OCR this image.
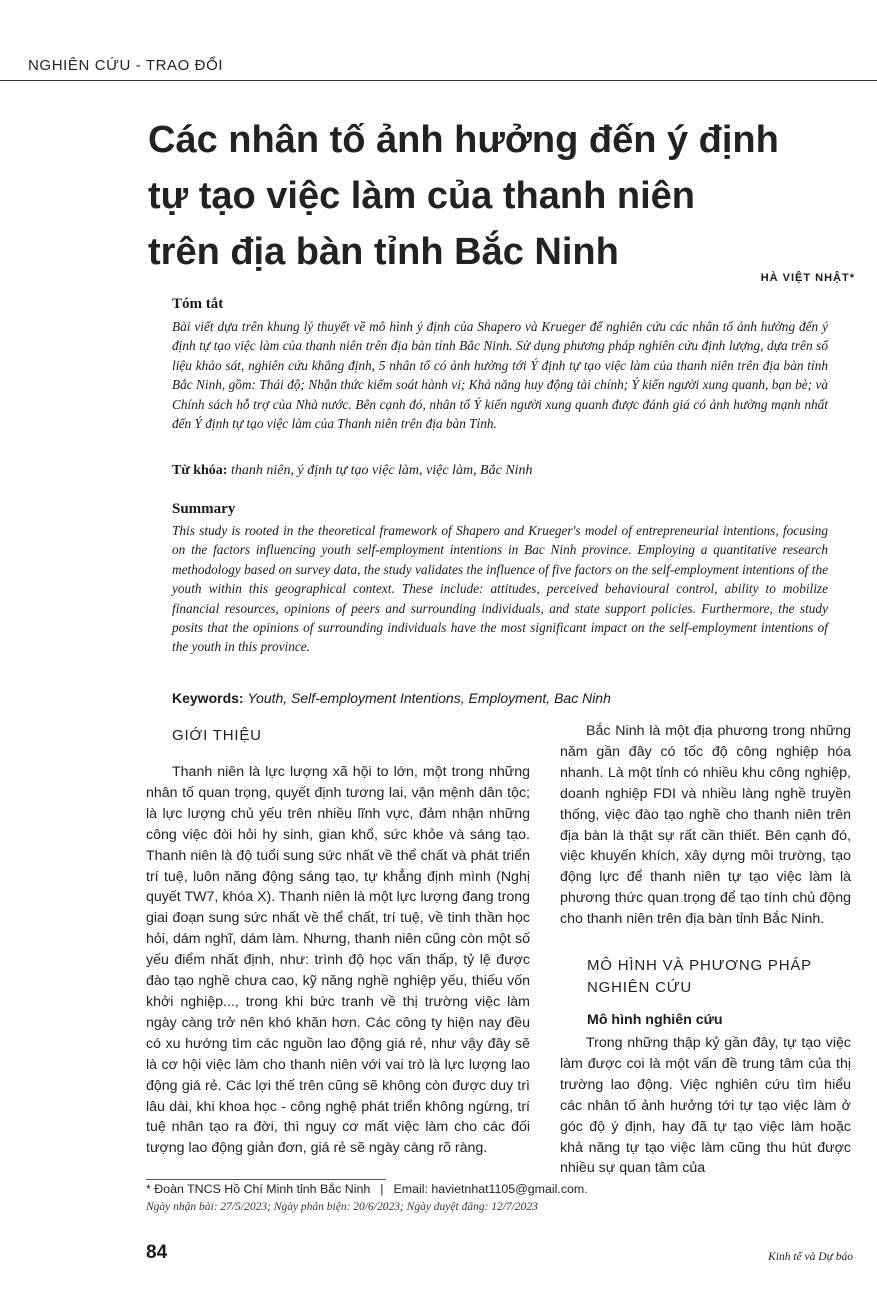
NGHIÊN CỨU - TRAO ĐỔI
Các nhân tố ảnh hưởng đến ý định
tự tạo việc làm của thanh niên
trên địa bàn tỉnh Bắc Ninh
HÀ VIỆT NHẬT*
Tóm tắt

Bài viết dựa trên khung lý thuyết về mô hình ý định của Shapero và Krueger để nghiên cứu các nhân tố ảnh hưởng đến ý định tự tạo việc làm của thanh niên trên địa bàn tỉnh Bắc Ninh. Sử dụng phương pháp nghiên cứu định lượng, dựa trên số liệu khảo sát, nghiên cứu khẳng định, 5 nhân tố có ảnh hưởng tới Ý định tự tạo việc làm của thanh niên trên địa bàn tỉnh Bắc Ninh, gồm: Thái độ; Nhận thức kiểm soát hành vi; Khả năng huy động tài chính; Ý kiến người xung quanh, bạn bè; và Chính sách hỗ trợ của Nhà nước. Bên cạnh đó, nhân tố Ý kiến người xung quanh được đánh giá có ảnh hưởng mạnh nhất đến Ý định tự tạo việc làm của Thanh niên trên địa bàn Tỉnh.

Từ khóa: thanh niên, ý định tự tạo việc làm, việc làm, Bắc Ninh
Summary

This study is rooted in the theoretical framework of Shapero and Krueger's model of entrepreneurial intentions, focusing on the factors influencing youth self-employment intentions in Bac Ninh province. Employing a quantitative research methodology based on survey data, the study validates the influence of five factors on the self-employment intentions of the youth within this geographical context. These include: attitudes, perceived behavioural control, ability to mobilize financial resources, opinions of peers and surrounding individuals, and state support policies. Furthermore, the study posits that the opinions of surrounding individuals have the most significant impact on the self-employment intentions of the youth in this province.

Keywords: Youth, Self-employment Intentions, Employment, Bac Ninh
GIỚI THIỆU

Thanh niên là lực lượng xã hội to lớn, một trong những nhân tố quan trọng, quyết định tương lai, vận mệnh dân tộc; là lực lượng chủ yếu trên nhiều lĩnh vực, đảm nhận những công việc đòi hỏi hy sinh, gian khổ, sức khỏe và sáng tạo. Thanh niên là độ tuổi sung sức nhất về thể chất và phát triển trí tuệ, luôn năng động sáng tạo, tự khẳng định mình (Nghị quyết TW7, khóa X). Thanh niên là một lực lượng đang trong giai đoạn sung sức nhất về thể chất, trí tuệ, về tinh thần học hỏi, dám nghĩ, dám làm. Nhưng, thanh niên cũng còn một số yếu điểm nhất định, như: trình độ học vấn thấp, tỷ lệ được đào tạo nghề chưa cao, kỹ năng nghề nghiệp yếu, thiếu vốn khởi nghiệp..., trong khi bức tranh về thị trường việc làm ngày càng trở nên khó khăn hơn. Các công ty hiện nay đều có xu hướng tìm các nguồn lao động giá rẻ, như vậy đây sẽ là cơ hội việc làm cho thanh niên với vai trò là lực lượng lao động giá rẻ. Các lợi thế trên cũng sẽ không còn được duy trì lâu dài, khi khoa học - công nghệ phát triển không ngừng, trí tuệ nhân tạo ra đời, thì nguy cơ mất việc làm cho các đối tượng lao động giản đơn, giá rẻ sẽ ngày càng rõ ràng.

Bắc Ninh là một địa phương trong những năm gần đây có tốc độ công nghiệp hóa nhanh. Là một tỉnh có nhiều khu công nghiệp, doanh nghiệp FDI và nhiều làng nghề truyền thống, việc đào tạo nghề cho thanh niên trên địa bàn là thật sự rất cần thiết. Bên cạnh đó, việc khuyến khích, xây dựng môi trường, tạo động lực để thanh niên tự tạo việc làm là phương thức quan trọng để tạo tính chủ động cho thanh niên trên địa bàn tỉnh Bắc Ninh.

MÔ HÌNH VÀ PHƯƠNG PHÁP
NGHIÊN CỨU
Mô hình nghiên cứu

Trong những thập kỷ gần đây, tự tạo việc làm được coi là một vấn đề trung tâm của thị trường lao động. Việc nghiên cứu tìm hiểu các nhân tố ảnh hưởng tới tự tạo việc làm ở góc độ ý định, hay đã tự tạo việc làm hoặc khả năng tự tạo việc làm cũng thu hút được nhiều sự quan tâm của

* Đoàn TNCS Hồ Chí Minh tỉnh Bắc Ninh | Email: havietnhat1105@gmail.com.
Ngày nhận bài: 27/5/2023; Ngày phản biện: 20/6/2023; Ngày duyệt đăng: 12/7/2023
84	Kinh tế và Dự báo
